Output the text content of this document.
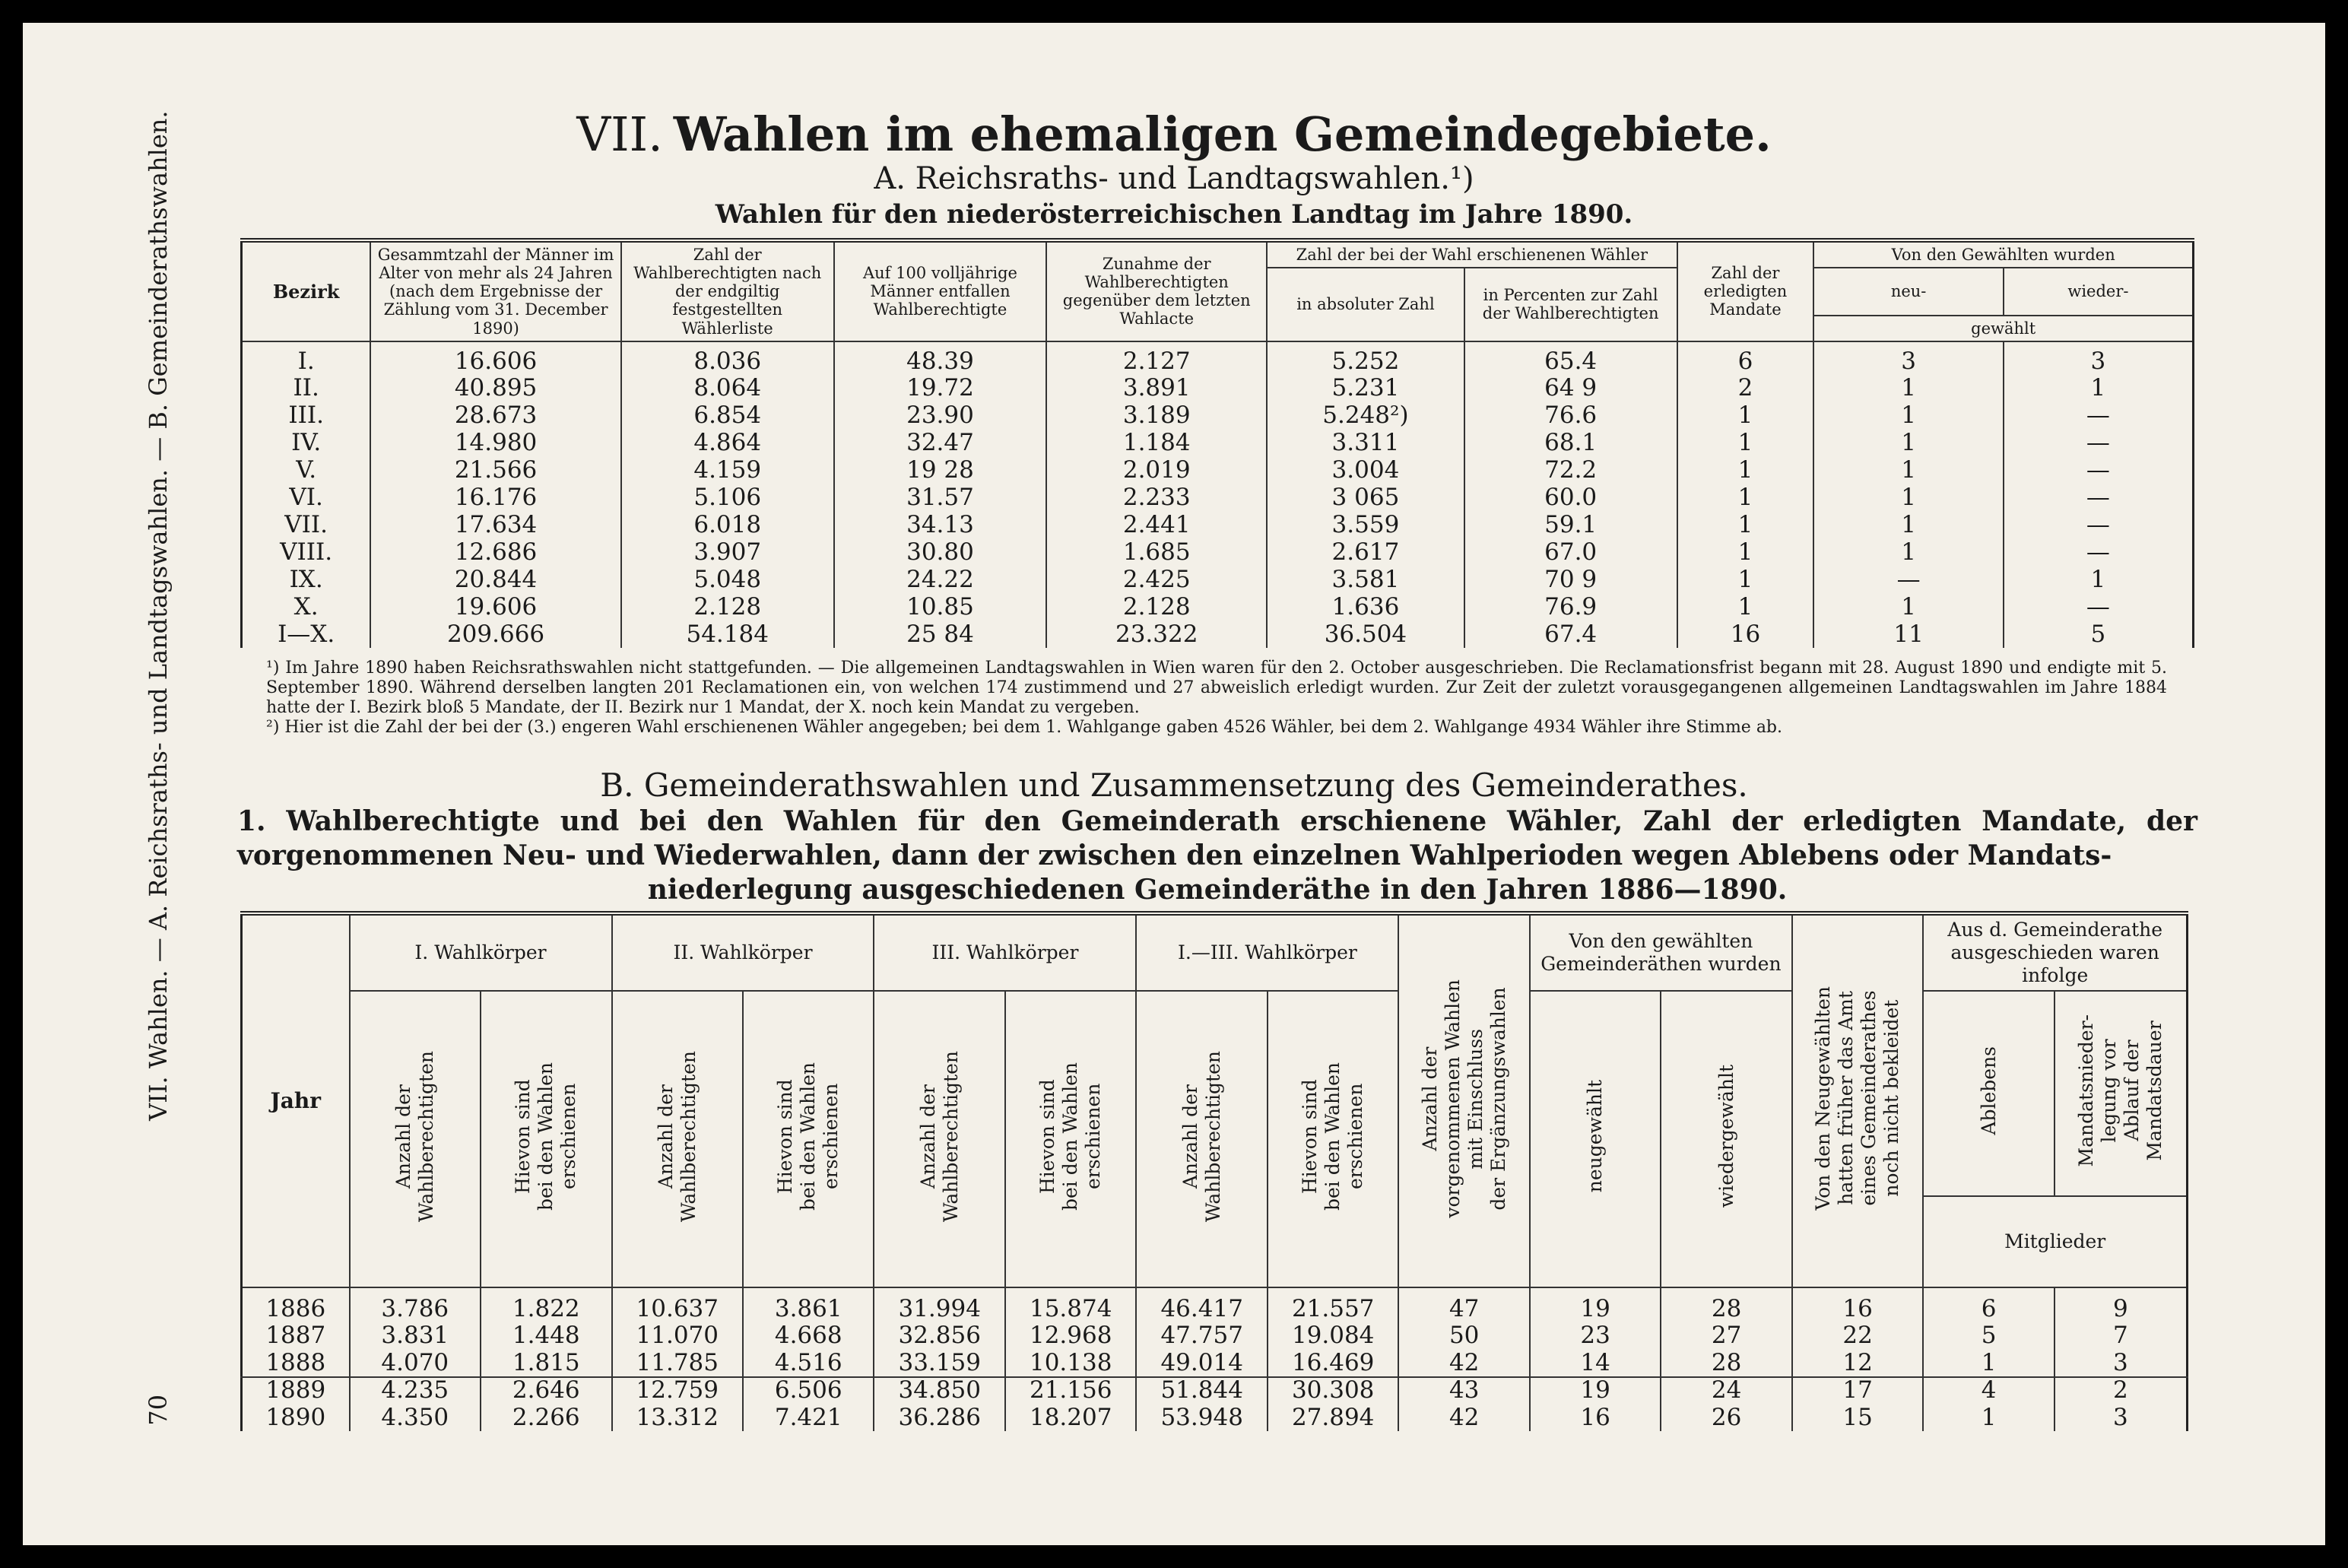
70VII. Wahlen. — A. Reichsraths- und Landtagswahlen. — B. Gemeinderathswahlen.	VII. Wahlen im ehemaligen Gemeindegebiete.
A. Reichsraths- und Landtagswahlen.¹)
Wahlen für den niederösterreichischen Landtag im Jahre 1890.
Bezirk	Gesammtzahl der Männer im Alter von mehr als 24 Jahren (nach dem Ergebnisse der Zählung vom 31. December 1890)	Zahl der Wahlberechtigten nach der endgiltig festgestellten Wählerliste	Auf 100 volljährige Männer entfallen Wahlberechtigte	Zunahme der Wahlberechtigten gegenüber dem letzten Wahlacte	Zahl der bei der Wahl erschienenen Wähler		Zahl der erledigten Mandate	Von den Gewählten wurden	
					in absoluter Zahl	in Percenten zur Zahl der Wahlberechtigten		neu-	wieder-
								gewählt	
I.	16.606	8.036	48.39	2.127	5.252	65.4	6	3	3
II.	40.895	8.064	19.72	3.891	5.231	64 9	2	1	1
III.	28.673	6.854	23.90	3.189	5.248²)	76.6	1	1	—
IV.	14.980	4.864	32.47	1.184	3.311	68.1	1	1	—
V.	21.566	4.159	19 28	2.019	3.004	72.2	1	1	—
VI.	16.176	5.106	31.57	2.233	3 065	60.0	1	1	—
VII.	17.634	6.018	34.13	2.441	3.559	59.1	1	1	—
VIII.	12.686	3.907	30.80	1.685	2.617	67.0	1	1	—
IX.	20.844	5.048	24.22	2.425	3.581	70 9	1	—	1
X.	19.606	2.128	10.85	2.128	1.636	76.9	1	1	—
I—X.	209.666	54.184	25 84	23.322	36.504	67.4	16	11	5
¹) Im Jahre 1890 haben Reichsrathswahlen nicht stattgefunden. — Die allgemeinen Landtagswahlen in Wien waren für den 2. October ausgeschrieben. Die Reclamationsfrist begann mit 28. August 1890 und endigte mit 5. September 1890. Während derselben langten 201 Reclamationen ein, von welchen 174 zustimmend und 27 abweislich erledigt wurden. Zur Zeit der zuletzt vorausgegangenen allgemeinen Landtagswahlen im Jahre 1884 hatte der I. Bezirk bloß 5 Mandate, der II. Bezirk nur 1 Mandat, der X. noch kein Mandat zu vergeben.
²) Hier ist die Zahl der bei der (3.) engeren Wahl erschienenen Wähler angegeben; bei dem 1. Wahlgange gaben 4526 Wähler, bei dem 2. Wahlgange 4934 Wähler ihre Stimme ab.
B. Gemeinderathswahlen und Zusammensetzung des Gemeinderathes.
1. Wahlberechtigte und bei den Wahlen für den Gemeinderath erschienene Wähler, Zahl der erledigten Mandate, der vorgenommenen Neu- und Wiederwahlen, dann der zwischen den einzelnen Wahlperioden wegen Ablebens oder Mandats-
niederlegung ausgeschiedenen Gemeinderäthe in den Jahren 1886—1890.
Jahr	I. Wahlkörper		II. Wahlkörper		III. Wahlkörper		I.—III. Wahlkörper		Anzahl der
vorgenommenen Wahlen
mit Einschluss
der Ergänzungswahlen	Von den gewählten Gemeinderäthen wurden		Von den Neugewählten
hatten früher das Amt
eines Gemeinderathes
noch nicht bekleidet	Aus d. Gemeinderathe ausgeschieden waren infolge	
	Anzahl der
Wahlberechtigten	Hievon sind
bei den Wahlen
erschienen	Anzahl der
Wahlberechtigten	Hievon sind
bei den Wahlen
erschienen	Anzahl der
Wahlberechtigten	Hievon sind
bei den Wahlen
erschienen	Anzahl der
Wahlberechtigten	Hievon sind
bei den Wahlen
erschienen		neugewählt	wiedergewählt		Ablebens	Mandatsnieder-
legung vor
Ablauf der
Mandatsdauer
													Mitglieder	
1886	3.786	1.822	10.637	3.861	31.994	15.874	46.417	21.557	47	19	28	16	6	9
1887	3.831	1.448	11.070	4.668	32.856	12.968	47.757	19.084	50	23	27	22	5	7
1888	4.070	1.815	11.785	4.516	33.159	10.138	49.014	16.469	42	14	28	12	1	3
1889	4.235	2.646	12.759	6.506	34.850	21.156	51.844	30.308	43	19	24	17	4	2
1890	4.350	2.266	13.312	7.421	36.286	18.207	53.948	27.894	42	16	26	15	1	3
